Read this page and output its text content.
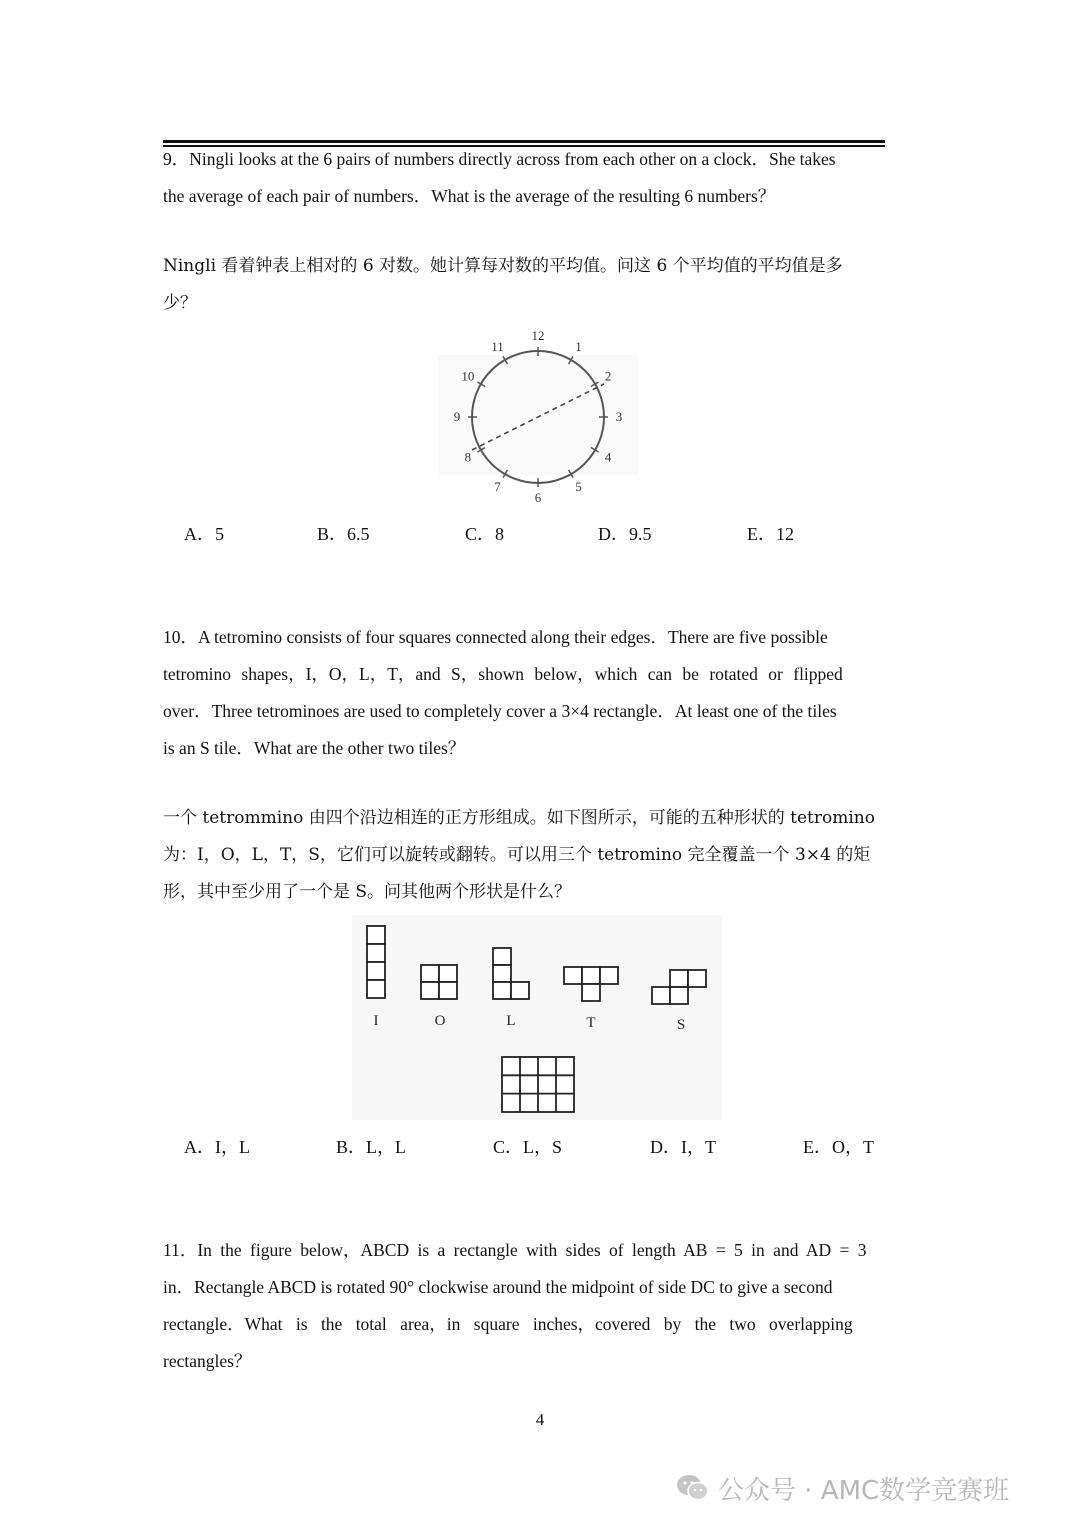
9．Ningli looks at the 6 pairs of numbers directly across from each other on a clock．She takes
the average of each pair of numbers．What is the average of the resulting 6 numbers？
Ningli 看着钟表上相对的 6 对数。她计算每对数的平均值。问这 6 个平均值的平均值是多
少？
12
1
2
3
4
5
6
7
8
9
10
11
A．5	B．6.5	C．8	D．9.5	E．12
10．A tetromino consists of four squares connected along their edges．There are five possible
tetromino shapes，I，O，L，T，and S，shown below，which can be rotated or flipped
over．Three tetrominoes are used to completely cover a 3×4 rectangle．At least one of the tiles
is an S tile．What are the other two tiles？
一个 tetrommino 由四个沿边相连的正方形组成。如下图所示，可能的五种形状的 tetromino
为：I，O，L，T，S，它们可以旋转或翻转。可以用三个 tetromino 完全覆盖一个 3×4 的矩
形，其中至少用了一个是 S。问其他两个形状是什么？
I	O	L	T	S
A．I，L	B．L，L	C．L，S	D．I，T	E．O，T
11．In the figure below，ABCD is a rectangle with sides of length AB = 5 in and AD = 3
in．Rectangle ABCD is rotated 90° clockwise around the midpoint of side DC to give a second
rectangle．What is the total area，in square inches，covered by the two overlapping
rectangles？
4
公众号 · AMC数学竞赛班
